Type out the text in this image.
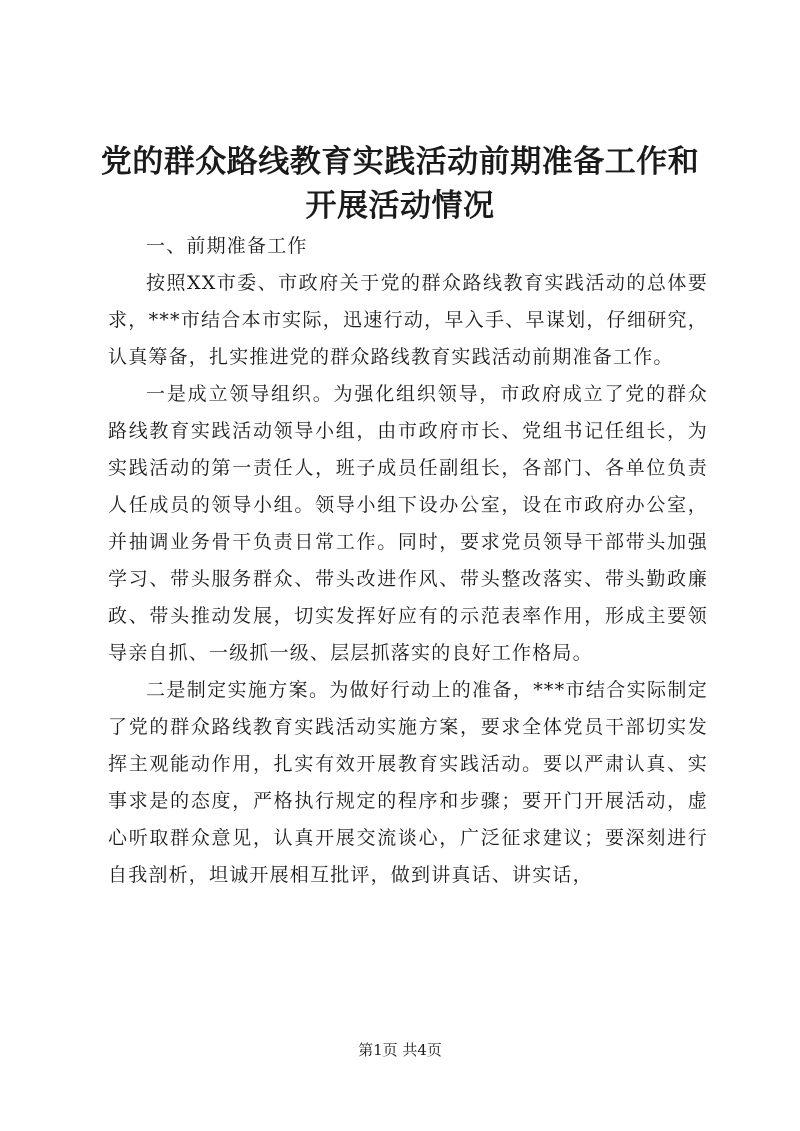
党的群众路线教育实践活动前期准备工作和开展活动情况

一、前期准备工作

按照XX市委、市政府关于党的群众路线教育实践活动的总体要求，***市结合本市实际，迅速行动，早入手、早谋划，仔细研究，认真筹备，扎实推进党的群众路线教育实践活动前期准备工作。

一是成立领导组织。为强化组织领导，市政府成立了党的群众路线教育实践活动领导小组，由市政府市长、党组书记任组长，为实践活动的第一责任人，班子成员任副组长，各部门、各单位负责人任成员的领导小组。领导小组下设办公室，设在市政府办公室，并抽调业务骨干负责日常工作。同时，要求党员领导干部带头加强学习、带头服务群众、带头改进作风、带头整改落实、带头勤政廉政、带头推动发展，切实发挥好应有的示范表率作用，形成主要领导亲自抓、一级抓一级、层层抓落实的良好工作格局。

二是制定实施方案。为做好行动上的准备，***市结合实际制定了党的群众路线教育实践活动实施方案，要求全体党员干部切实发挥主观能动作用，扎实有效开展教育实践活动。要以严肃认真、实事求是的态度，严格执行规定的程序和步骤；要开门开展活动，虚心听取群众意见，认真开展交流谈心，广泛征求建议；要深刻进行自我剖析，坦诚开展相互批评，做到讲真话、讲实话，

第1页 共4页
